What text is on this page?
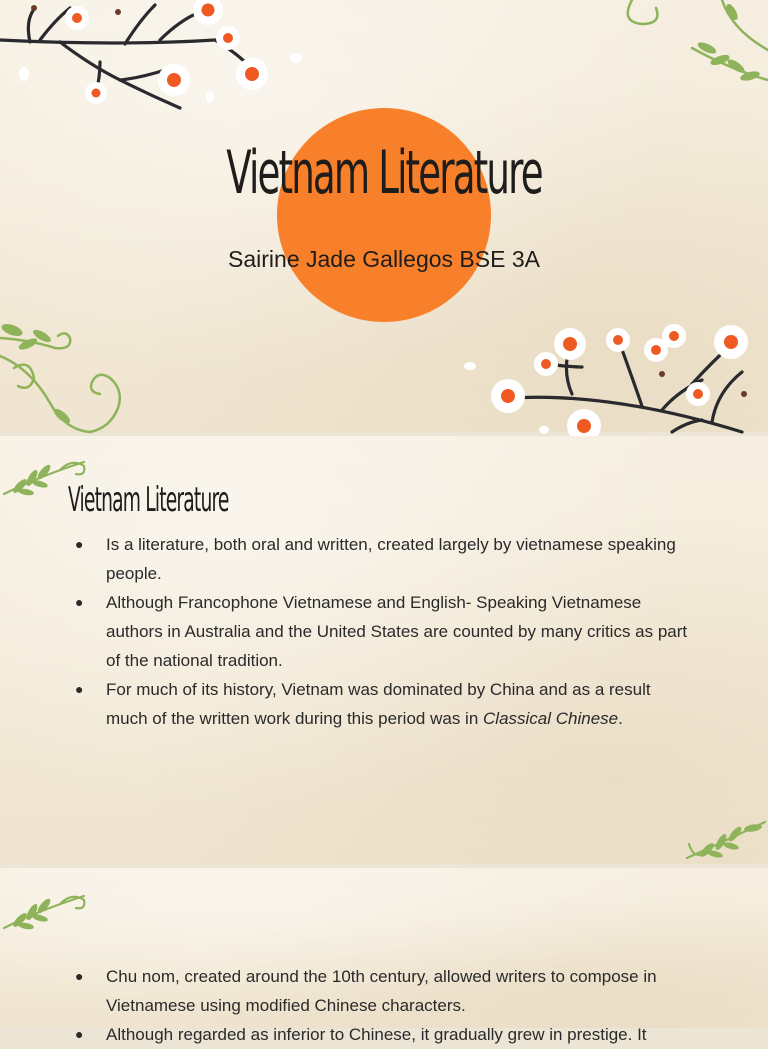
Vietnam Literature
Sairine Jade Gallegos BSE 3A
Vietnam Literature
● Is a literature, both oral and written, created largely by vietnamese speaking people.
● Although Francophone Vietnamese and English- Speaking Vietnamese authors in Australia and the United States are counted by many critics as part of the national tradition.
● For much of its history, Vietnam was dominated by China and as a result much of the written work during this period was in Classical Chinese.
● Chu nom, created around the 10th century, allowed writers to compose in Vietnamese using modified Chinese characters.
● Although regarded as inferior to Chinese, it gradually grew in prestige. It
